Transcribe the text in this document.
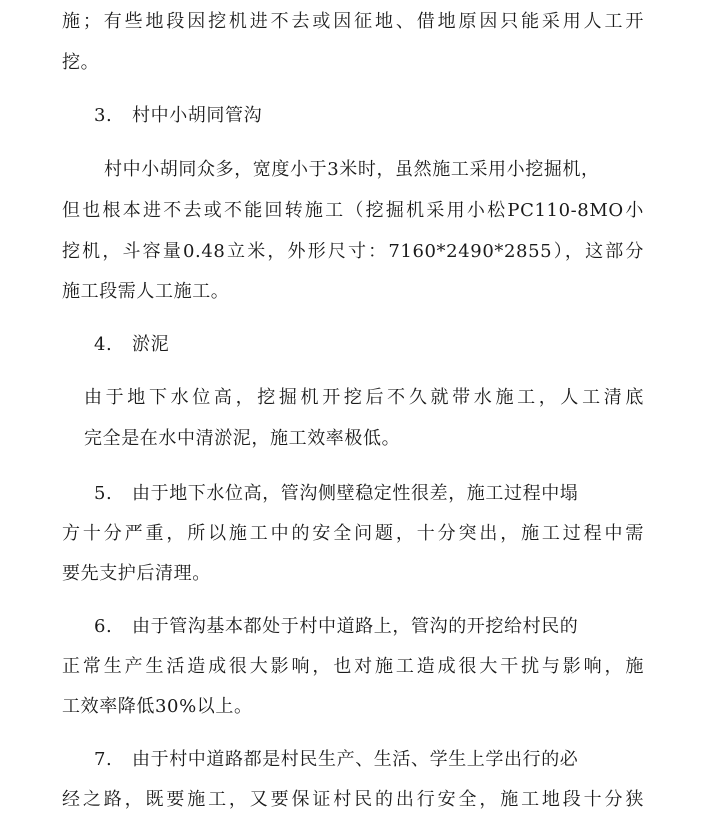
施；有些地段因挖机进不去或因征地、借地原因只能采用人工开
挖。
3. 村中小胡同管沟
村中小胡同众多，宽度小于3米时，虽然施工采用小挖掘机，
但也根本进不去或不能回转施工（挖掘机采用小松PC110-8MO小
挖机，斗容量0.48立米，外形尺寸：7160*2490*2855），这部分
施工段需人工施工。
4. 淤泥
由于地下水位高，挖掘机开挖后不久就带水施工，人工清底
完全是在水中清淤泥，施工效率极低。
5. 由于地下水位高，管沟侧壁稳定性很差，施工过程中塌
方十分严重，所以施工中的安全问题，十分突出，施工过程中需
要先支护后清理。
6. 由于管沟基本都处于村中道路上，管沟的开挖给村民的
正常生产生活造成很大影响，也对施工造成很大干扰与影响，施
工效率降低30%以上。
7. 由于村中道路都是村民生产、生活、学生上学出行的必
经之路，既要施工，又要保证村民的出行安全，施工地段十分狭
